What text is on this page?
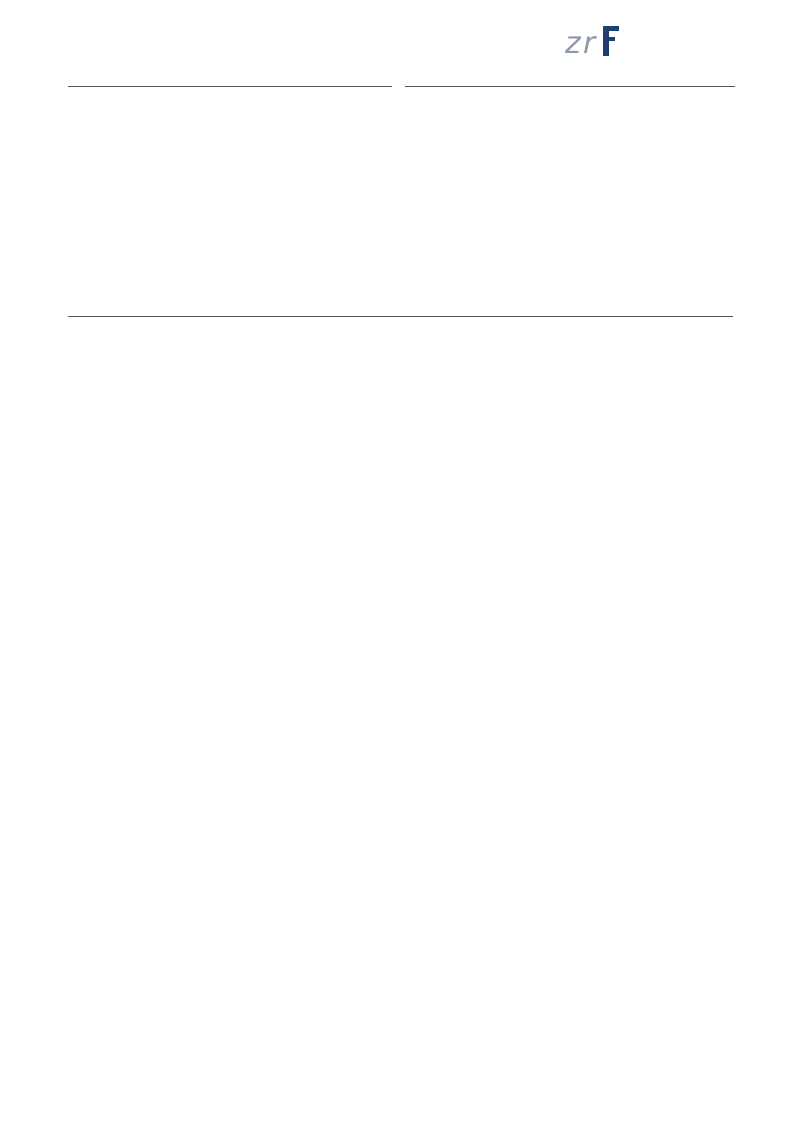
z r
